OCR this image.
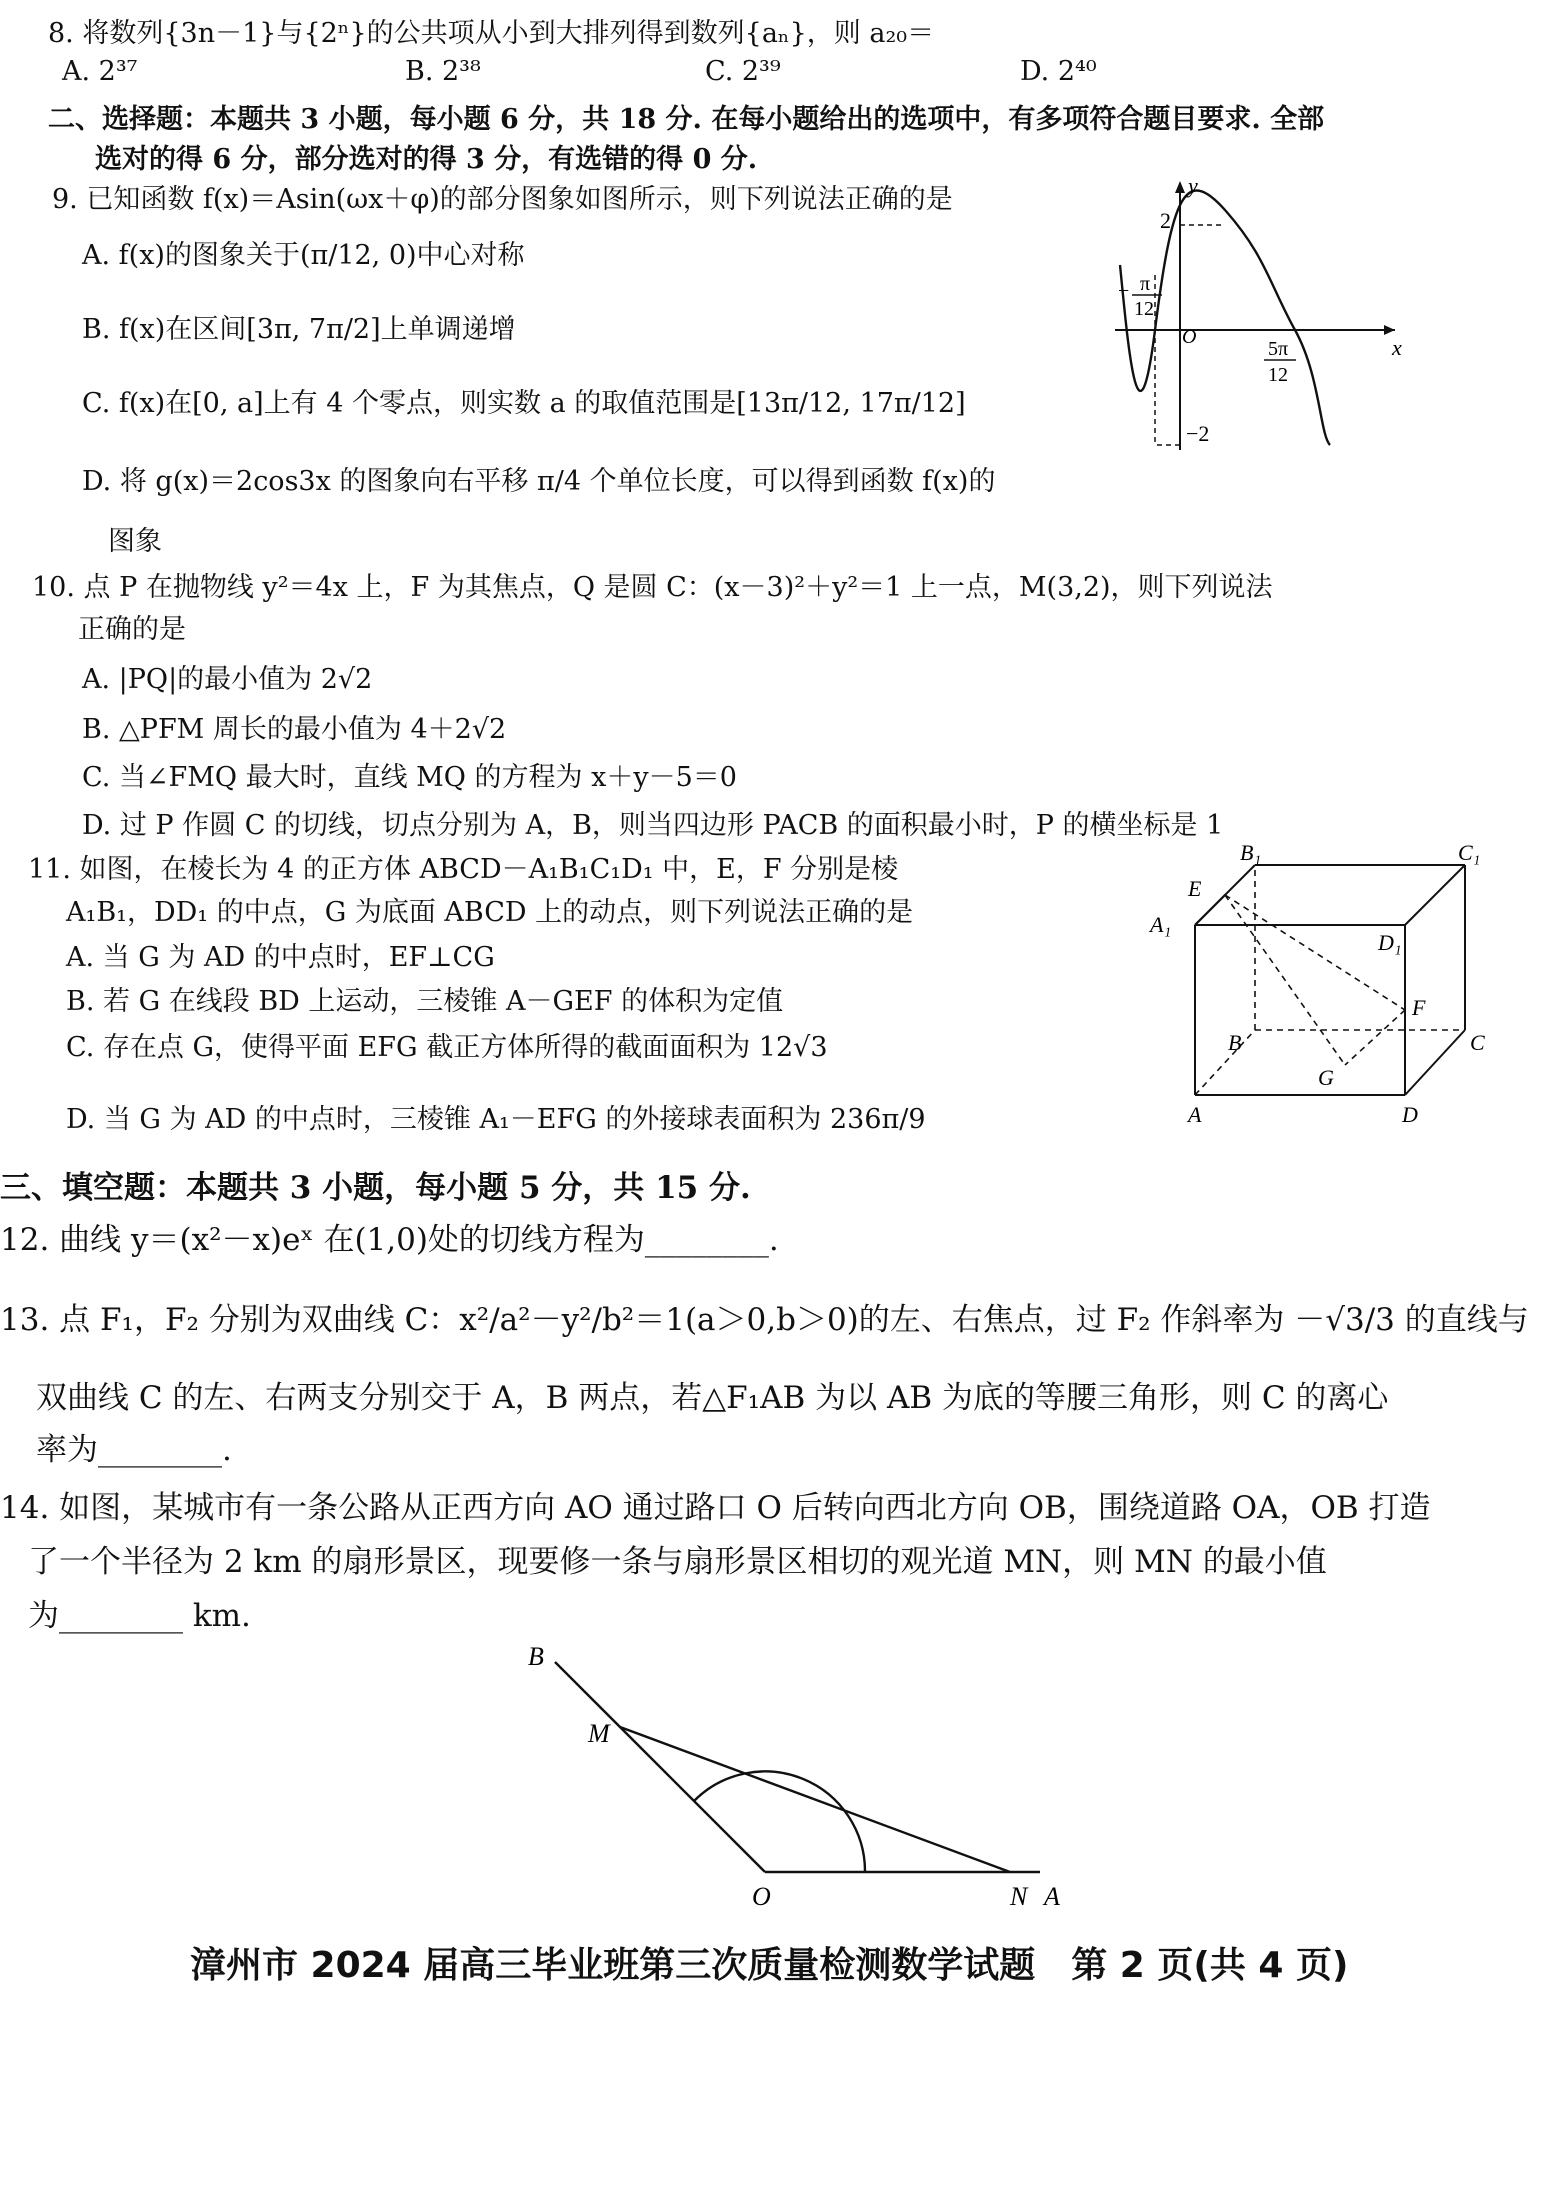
8. 将数列{3n－1}与{2ⁿ}的公共项从小到大排列得到数列{aₙ}，则 a₂₀＝
A. 2³⁷	B. 2³⁸	C. 2³⁹	D. 2⁴⁰
二、选择题：本题共 3 小题，每小题 6 分，共 18 分. 在每小题给出的选项中，有多项符合题目要求. 全部
选对的得 6 分，部分选对的得 3 分，有选错的得 0 分.
9. 已知函数 f(x)＝Asin(ωx＋φ)的部分图象如图所示，则下列说法正确的是
A. f(x)的图象关于(π/12, 0)中心对称
B. f(x)在区间[3π, 7π/2]上单调递增
C. f(x)在[0, a]上有 4 个零点，则实数 a 的取值范围是[13π/12, 17π/12]
D. 将 g(x)＝2cos3x 的图象向右平移 π/4 个单位长度，可以得到函数 f(x)的
图象
y
x
2
−2
O
− π
12
5π
12
10. 点 P 在抛物线 y²＝4x 上，F 为其焦点，Q 是圆 C：(x－3)²＋y²＝1 上一点，M(3,2)，则下列说法
正确的是
A. |PQ|的最小值为 2√2
B. △PFM 周长的最小值为 4＋2√2
C. 当∠FMQ 最大时，直线 MQ 的方程为 x＋y－5＝0
D. 过 P 作圆 C 的切线，切点分别为 A，B，则当四边形 PACB 的面积最小时，P 的横坐标是 1
11. 如图，在棱长为 4 的正方体 ABCD－A₁B₁C₁D₁ 中，E，F 分别是棱
A₁B₁，DD₁ 的中点，G 为底面 ABCD 上的动点，则下列说法正确的是
A. 当 G 为 AD 的中点时，EF⊥CG
B. 若 G 在线段 BD 上运动，三棱锥 A－GEF 的体积为定值
C. 存在点 G，使得平面 EFG 截正方体所得的截面面积为 12√3
D. 当 G 为 AD 的中点时，三棱锥 A₁－EFG 的外接球表面积为 236π/9
B₁	C₁
E
A₁
D₁
F
B	C
G
A	D
三、填空题：本题共 3 小题，每小题 5 分，共 15 分.
12. 曲线 y＝(x²－x)eˣ 在(1,0)处的切线方程为________.
13. 点 F₁，F₂ 分别为双曲线 C：x²/a²－y²/b²＝1(a＞0,b＞0)的左、右焦点，过 F₂ 作斜率为 －√3/3 的直线与
双曲线 C 的左、右两支分别交于 A，B 两点，若△F₁AB 为以 AB 为底的等腰三角形，则 C 的离心
率为________.
14. 如图，某城市有一条公路从正西方向 AO 通过路口 O 后转向西北方向 OB，围绕道路 OA，OB 打造
了一个半径为 2 km 的扇形景区，现要修一条与扇形景区相切的观光道 MN，则 MN 的最小值
为________ km.
B
M
O	N A
漳州市 2024 届高三毕业班第三次质量检测数学试题　第 2 页(共 4 页)
